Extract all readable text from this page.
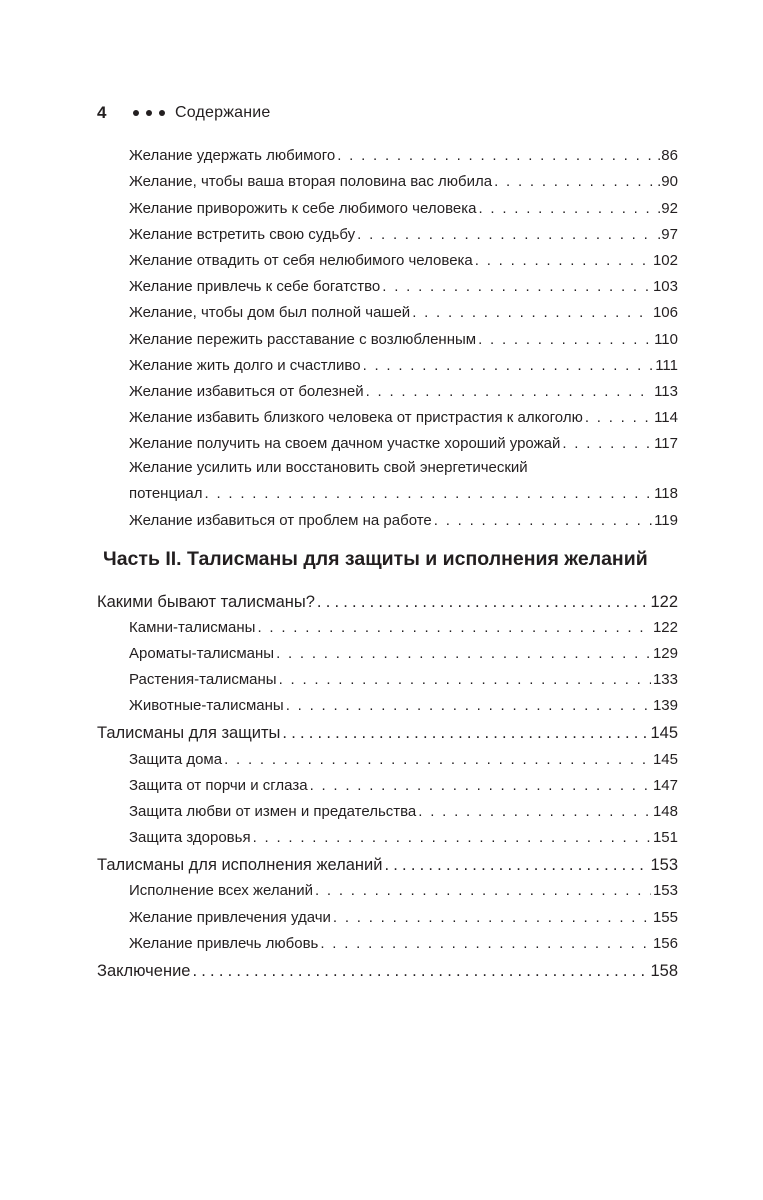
4	Содержание
Желание удержать любимого . . .	.86
Желание, чтобы ваша вторая половина вас любила . . .	.90
Желание приворожить к себе любимого человека . . .	.92
Желание встретить свою судьбу . . .	.97
Желание отвадить от себя нелюбимого человека . . .	102
Желание привлечь к себе богатство . . .	103
Желание, чтобы дом был полной чашей . . .	106
Желание пережить расставание с возлюбленным . . .	110
Желание жить долго и счастливо . . .	111
Желание избавиться от болезней . . .	113
Желание избавить близкого человека от пристрастия к алкоголю . . .	114
Желание получить на своем дачном участке хороший урожай . . .	117
Желание усилить или восстановить свой энергетический
потенциал . . .	118
Желание избавиться от проблем на работе . . .	119
Часть II. Талисманы для защиты и исполнения желаний
Какими бывают талисманы? .....	122
Камни-талисманы . . .	122
Ароматы-талисманы . . .	129
Растения-талисманы . . .	133
Животные-талисманы . . .	139
Талисманы для защиты .....	145
Защита дома . . .	145
Защита от порчи и сглаза . . .	147
Защита любви от измен и предательства . . .	148
Защита здоровья . . .	151
Талисманы для исполнения желаний .....	153
Исполнение всех желаний . . .	153
Желание привлечения удачи . . .	155
Желание привлечь любовь . . .	156
Заключение .....	158
